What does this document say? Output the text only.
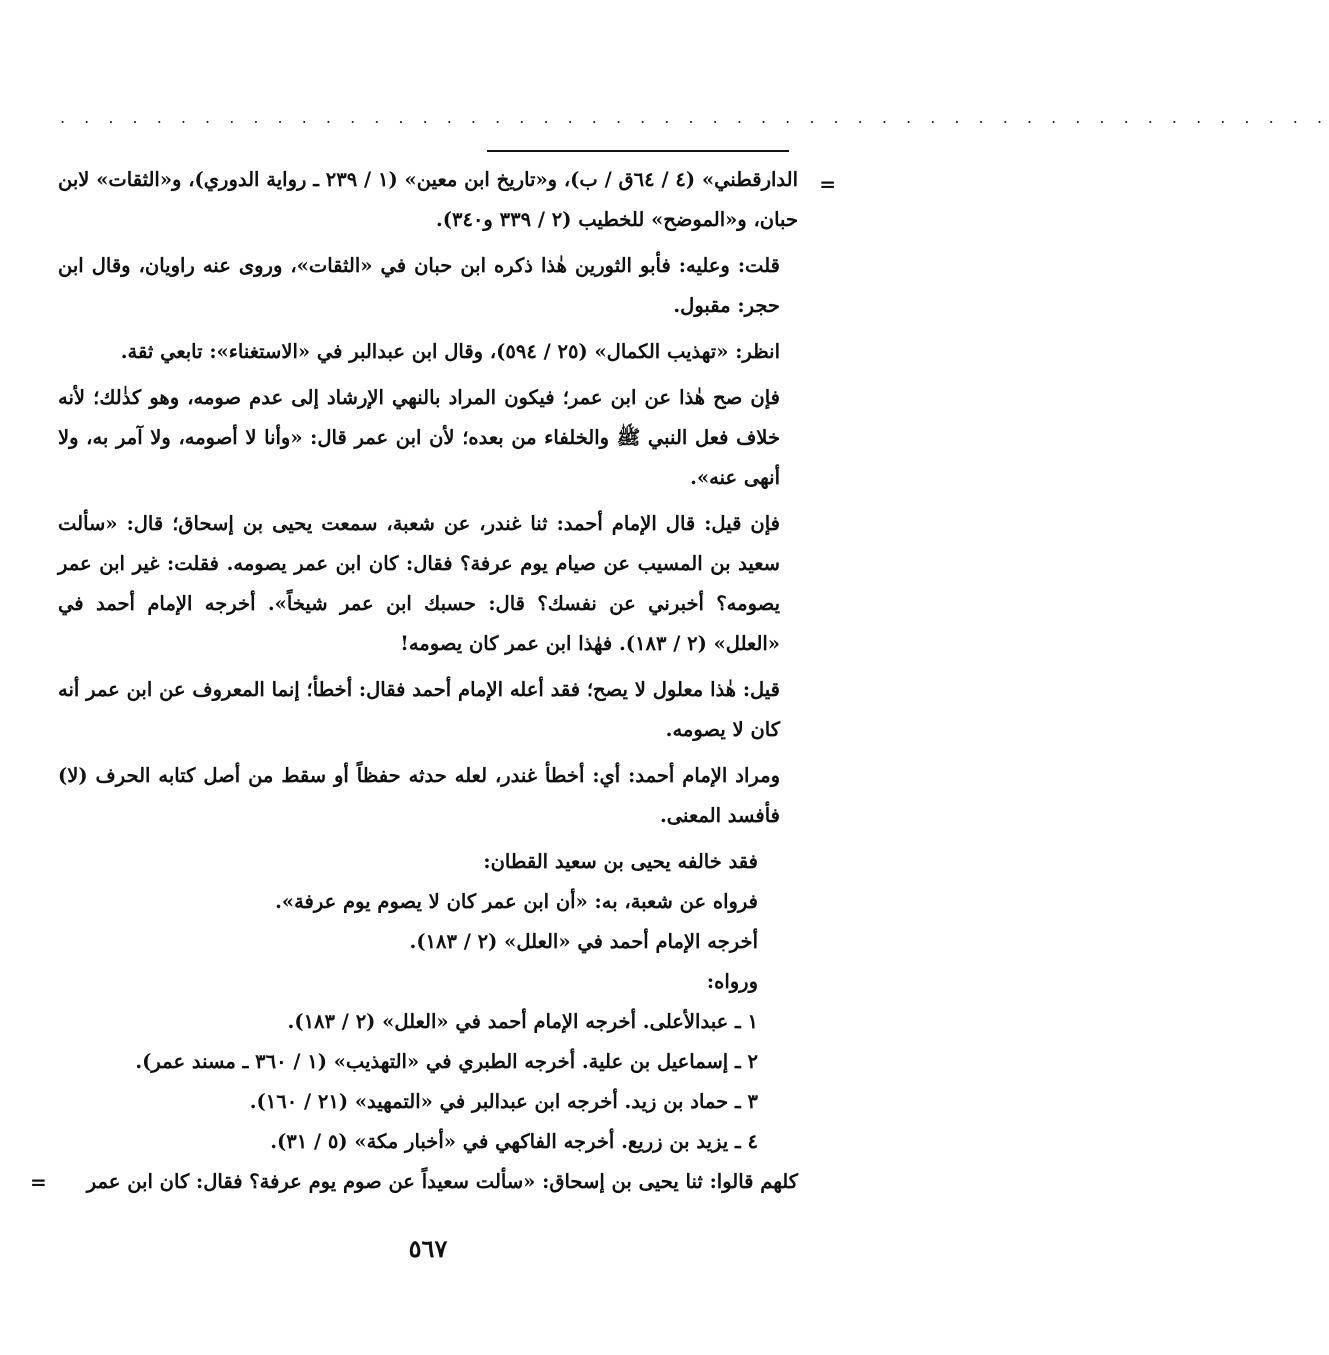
. . . . . . . . . . . . . . . . . . . . . . . . . . . . . . . . . . . . . . . . . . . . . . . . . . . . .
=

الدارقطني» (٤ / ٦٤ق / ب)، و«تاريخ ابن معين» (١ / ٢٣٩ ـ رواية الدوري)، و«الثقات» لابن حبان، و«الموضح» للخطيب (٢ / ٣٣٩ و٣٤٠).

قلت: وعليه: فأبو الثورين هٰذا ذكره ابن حبان في «الثقات»، وروى عنه راويان، وقال ابن حجر: مقبول.

انظر: «تهذيب الكمال» (٢٥ / ٥٩٤)، وقال ابن عبدالبر في «الاستغناء»: تابعي ثقة.

فإن صح هٰذا عن ابن عمر؛ فيكون المراد بالنهي الإرشاد إلى عدم صومه، وهو كذٰلك؛ لأنه خلاف فعل النبي ﷺ والخلفاء من بعده؛ لأن ابن عمر قال: «وأنا لا أصومه، ولا آمر به، ولا أنهى عنه».

فإن قيل: قال الإمام أحمد: ثنا غندر، عن شعبة، سمعت يحيى بن إسحاق؛ قال: «سألت سعيد بن المسيب عن صيام يوم عرفة؟ فقال: كان ابن عمر يصومه. فقلت: غير ابن عمر يصومه؟ أخبرني عن نفسك؟ قال: حسبك ابن عمر شيخاً». أخرجه الإمام أحمد في «العلل» (٢ / ١٨٣). فهٰذا ابن عمر كان يصومه!

قيل: هٰذا معلول لا يصح؛ فقد أعله الإمام أحمد فقال: أخطأ؛ إنما المعروف عن ابن عمر أنه كان لا يصومه.

ومراد الإمام أحمد: أي: أخطأ غندر، لعله حدثه حفظاً أو سقط من أصل كتابه الحرف (لا) فأفسد المعنى.

فقد خالفه يحيى بن سعيد القطان:

فرواه عن شعبة، به: «أن ابن عمر كان لا يصوم يوم عرفة».

أخرجه الإمام أحمد في «العلل» (٢ / ١٨٣).

ورواه:

١ ـ عبدالأعلى. أخرجه الإمام أحمد في «العلل» (٢ / ١٨٣).

٢ ـ إسماعيل بن علية. أخرجه الطبري في «التهذيب» (١ / ٣٦٠ ـ مسند عمر).

٣ ـ حماد بن زيد. أخرجه ابن عبدالبر في «التمهيد» (٢١ / ١٦٠).

٤ ـ يزيد بن زريع. أخرجه الفاكهي في «أخبار مكة» (٥ / ٣١).

كلهم قالوا: ثنا يحيى بن إسحاق: «سألت سعيداً عن صوم يوم عرفة؟ فقال: كان ابن عمر

=
٥٦٧
